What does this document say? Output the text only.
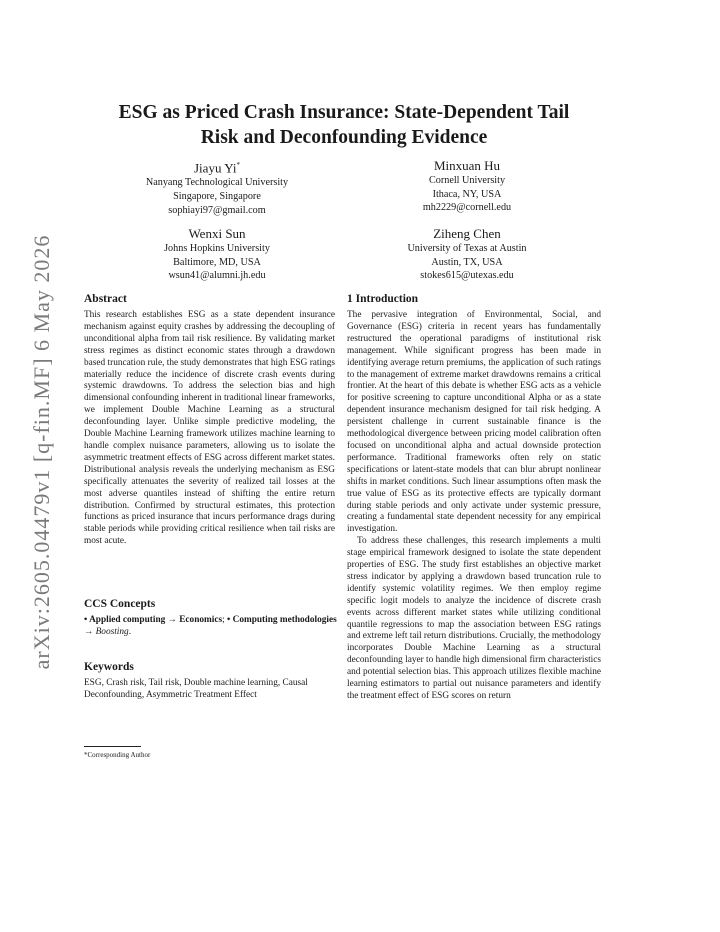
arXiv:2605.04479v1 [q-fin.MF] 6 May 2026
ESG as Priced Crash Insurance: State-Dependent Tail
Risk and Deconfounding Evidence
Jiayu Yi*
Nanyang Technological University
Singapore, Singapore
sophiayi97@gmail.com
Minxuan Hu
Cornell University
Ithaca, NY, USA
mh2229@cornell.edu
Wenxi Sun
Johns Hopkins University
Baltimore, MD, USA
wsun41@alumni.jh.edu
Ziheng Chen
University of Texas at Austin
Austin, TX, USA
stokes615@utexas.edu
Abstract

This research establishes ESG as a state dependent insurance mechanism against equity crashes by addressing the decoupling of unconditional alpha from tail risk resilience. By validating market stress regimes as distinct economic states through a drawdown based truncation rule, the study demonstrates that high ESG ratings materially reduce the incidence of discrete crash events during systemic drawdowns. To address the selection bias and high dimensional confounding inherent in traditional linear frameworks, we implement Double Machine Learning as a structural deconfounding layer. Unlike simple predictive modeling, the Double Machine Learning framework utilizes machine learning to handle complex nuisance parameters, allowing us to isolate the asymmetric treatment effects of ESG across different market states. Distributional analysis reveals the underlying mechanism as ESG specifically attenuates the severity of realized tail losses at the most adverse quantiles instead of shifting the entire return distribution. Confirmed by structural estimates, this protection functions as priced insurance that incurs performance drags during stable periods while providing critical resilience when tail risks are most acute.

CCS Concepts

• Applied computing → Economics; • Computing methodologies → Boosting.

Keywords

ESG, Crash risk, Tail risk, Double machine learning, Causal Deconfounding, Asymmetric Treatment Effect

*Corresponding Author
1 Introduction

The pervasive integration of Environmental, Social, and Governance (ESG) criteria in recent years has fundamentally restructured the operational paradigms of institutional risk management. While significant progress has been made in identifying average return premiums, the application of such ratings to the management of extreme market drawdowns remains a critical frontier. At the heart of this debate is whether ESG acts as a vehicle for positive screening to capture unconditional Alpha or as a state dependent insurance mechanism designed for tail risk hedging. A persistent challenge in current sustainable finance is the methodological divergence between pricing model calibration often focused on unconditional alpha and actual downside protection performance. Traditional frameworks often rely on static specifications or latent-state models that can blur abrupt nonlinear shifts in market conditions. Such linear assumptions often mask the true value of ESG as its protective effects are typically dormant during stable periods and only activate under systemic pressure, creating a fundamental state dependent necessity for any empirical investigation.

To address these challenges, this research implements a multi stage empirical framework designed to isolate the state dependent properties of ESG. The study first establishes an objective market stress indicator by applying a drawdown based truncation rule to identify systemic volatility regimes. We then employ regime specific logit models to analyze the incidence of discrete crash events across different market states while utilizing conditional quantile regressions to map the association between ESG ratings and extreme left tail return distributions. Crucially, the methodology incorporates Double Machine Learning as a structural deconfounding layer to handle high dimensional firm characteristics and potential selection bias. This approach utilizes flexible machine learning estimators to partial out nuisance parameters and identify the treatment effect of ESG scores on return
